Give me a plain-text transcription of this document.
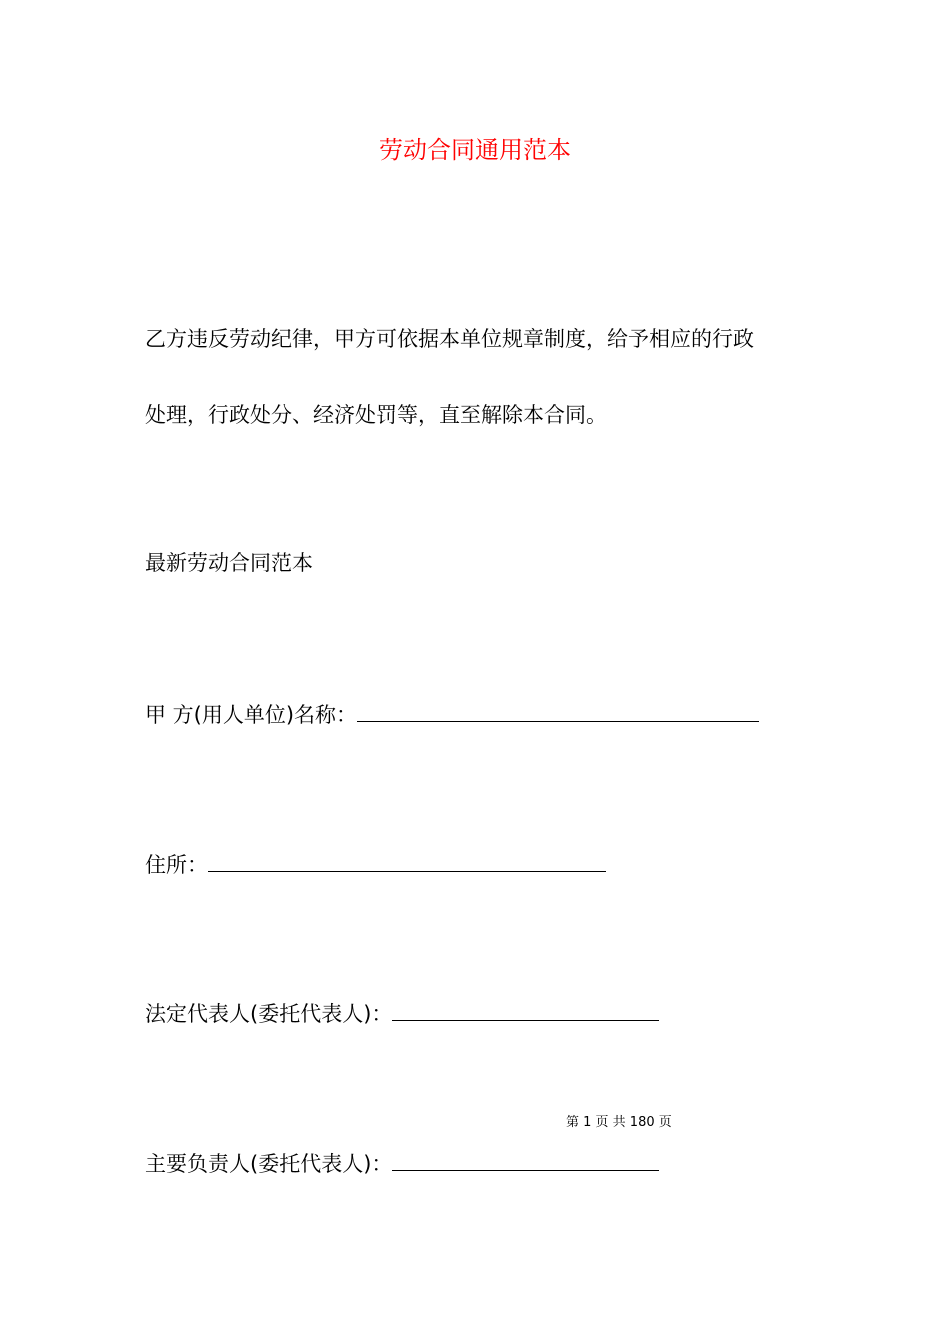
劳动合同通用范本
乙方违反劳动纪律，甲方可依据本单位规章制度，给予相应的行政
处理，行政处分、经济处罚等，直至解除本合同。
最新劳动合同范本
甲 方(用人单位)名称：
住所：
法定代表人(委托代表人)：
第 1 页 共 180 页
主要负责人(委托代表人)：
